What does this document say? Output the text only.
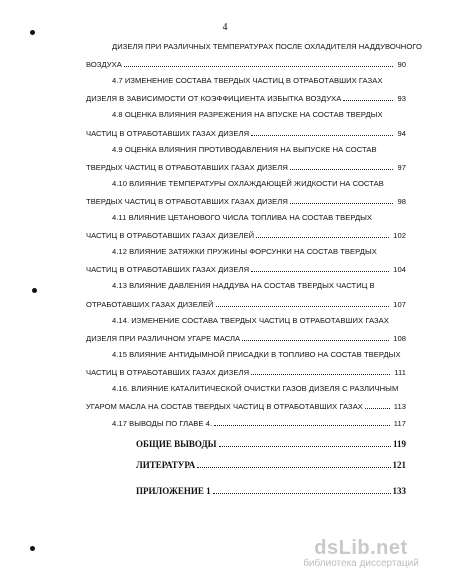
4
ДИЗЕЛЯ ПРИ РАЗЛИЧНЫХ ТЕМПЕРАТУРАХ ПОСЛЕ ОХЛАДИТЕЛЯ НАДДУВОЧНОГО
ВОЗДУХА	90
4.7 ИЗМЕНЕНИЕ СОСТАВА ТВЕРДЫХ ЧАСТИЦ В ОТРАБОТАВШИХ ГАЗАХ
ДИЗЕЛЯ В ЗАВИСИМОСТИ ОТ КОЭФФИЦИЕНТА ИЗБЫТКА ВОЗДУХА	93
4.8 ОЦЕНКА ВЛИЯНИЯ РАЗРЕЖЕНИЯ НА ВПУСКЕ НА СОСТАВ ТВЕРДЫХ
ЧАСТИЦ В ОТРАБОТАВШИХ ГАЗАХ ДИЗЕЛЯ	94
4.9 ОЦЕНКА ВЛИЯНИЯ ПРОТИВОДАВЛЕНИЯ НА ВЫПУСКЕ НА СОСТАВ
ТВЕРДЫХ ЧАСТИЦ В ОТРАБОТАВШИХ ГАЗАХ ДИЗЕЛЯ	97
4.10 ВЛИЯНИЕ ТЕМПЕРАТУРЫ ОХЛАЖДАЮЩЕЙ ЖИДКОСТИ НА СОСТАВ
ТВЕРДЫХ ЧАСТИЦ В ОТРАБОТАВШИХ ГАЗАХ ДИЗЕЛЯ	98
4.11 ВЛИЯНИЕ ЦЕТАНОВОГО ЧИСЛА ТОПЛИВА НА СОСТАВ ТВЕРДЫХ
ЧАСТИЦ В ОТРАБОТАВШИХ ГАЗАХ ДИЗЕЛЕЙ	102
4.12 ВЛИЯНИЕ ЗАТЯЖКИ ПРУЖИНЫ ФОРСУНКИ НА СОСТАВ ТВЕРДЫХ
ЧАСТИЦ В ОТРАБОТАВШИХ ГАЗАХ ДИЗЕЛЯ	104
4.13 ВЛИЯНИЕ ДАВЛЕНИЯ НАДДУВА НА СОСТАВ ТВЕРДЫХ ЧАСТИЦ В
ОТРАБОТАВШИХ ГАЗАХ ДИЗЕЛЕЙ	107
4.14. ИЗМЕНЕНИЕ СОСТАВА ТВЕРДЫХ ЧАСТИЦ В ОТРАБОТАВШИХ ГАЗАХ
ДИЗЕЛЯ ПРИ РАЗЛИЧНОМ УГАРЕ МАСЛА	108
4.15 ВЛИЯНИЕ АНТИДЫМНОЙ ПРИСАДКИ В ТОПЛИВО НА СОСТАВ ТВЕРДЫХ
ЧАСТИЦ В ОТРАБОТАВШИХ ГАЗАХ ДИЗЕЛЯ	111
4.16. ВЛИЯНИЕ КАТАЛИТИЧЕСКОЙ ОЧИСТКИ ГАЗОВ ДИЗЕЛЯ С РАЗЛИЧНЫМ
УГАРОМ МАСЛА НА СОСТАВ ТВЕРДЫХ ЧАСТИЦ В ОТРАБОТАВШИХ ГАЗАХ	113
4.17 ВЫВОДЫ ПО ГЛАВЕ 4.	117
ОБЩИЕ ВЫВОДЫ	119
ЛИТЕРАТУРА	121
ПРИЛОЖЕНИЕ 1	133
dsLib.net
библиотека диссертаций
